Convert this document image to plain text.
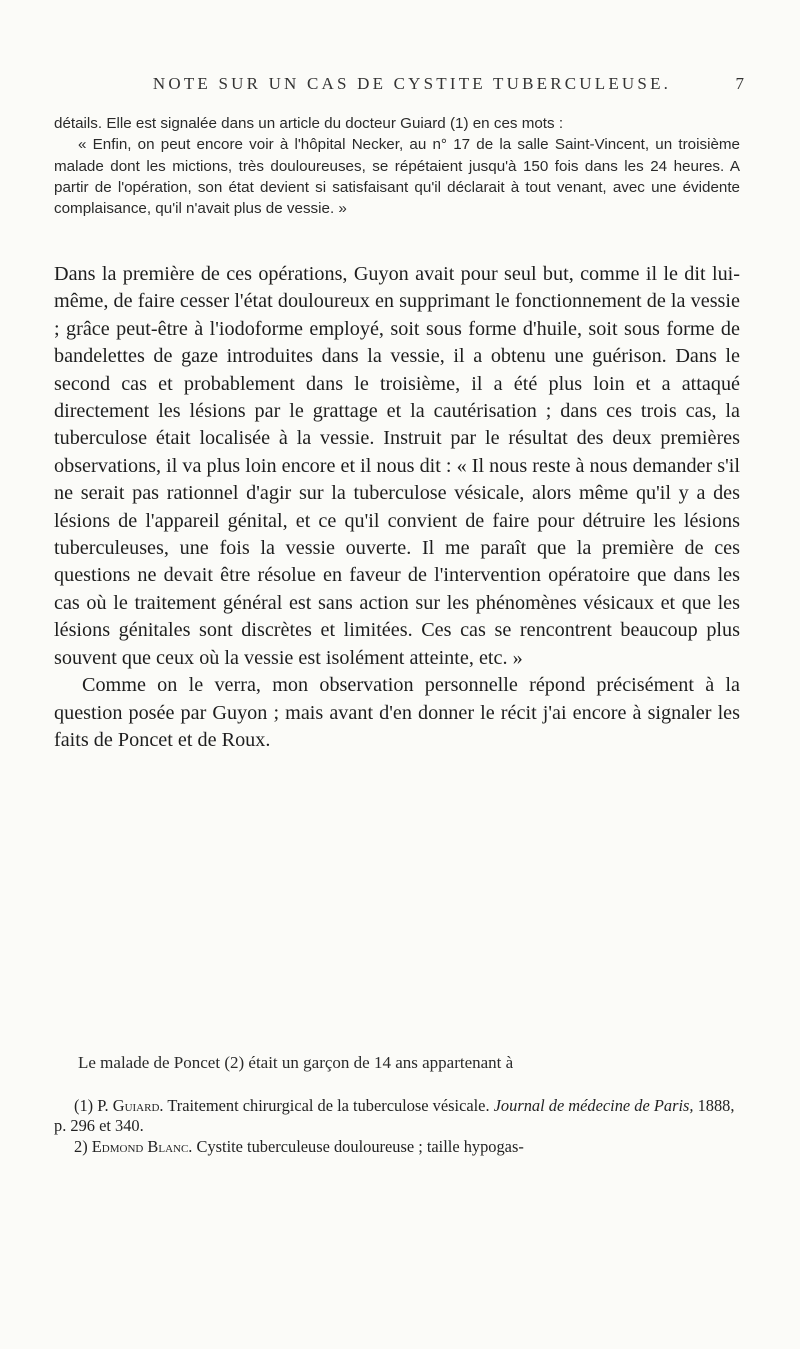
NOTE SUR UN CAS DE CYSTITE TUBERCULEUSE.	7

détails. Elle est signalée dans un article du docteur Guiard (1) en ces mots :

« Enfin, on peut encore voir à l'hôpital Necker, au n° 17 de la salle Saint-Vincent, un troisième malade dont les mictions, très douloureuses, se répétaient jusqu'à 150 fois dans les 24 heures. A partir de l'opération, son état devient si satisfaisant qu'il déclarait à tout venant, avec une évidente complaisance, qu'il n'avait plus de vessie. »

Dans la première de ces opérations, Guyon avait pour seul but, comme il le dit lui-même, de faire cesser l'état douloureux en supprimant le fonctionnement de la vessie ; grâce peut-être à l'iodoforme employé, soit sous forme d'huile, soit sous forme de bandelettes de gaze introduites dans la vessie, il a obtenu une guérison. Dans le second cas et probablement dans le troisième, il a été plus loin et a attaqué directement les lésions par le grattage et la cautérisation ; dans ces trois cas, la tuberculose était localisée à la vessie. Instruit par le résultat des deux premières observations, il va plus loin encore et il nous dit : « Il nous reste à nous demander s'il ne serait pas rationnel d'agir sur la tuberculose vésicale, alors même qu'il y a des lésions de l'appareil génital, et ce qu'il convient de faire pour détruire les lésions tuberculeuses, une fois la vessie ouverte. Il me paraît que la première de ces questions ne devait être résolue en faveur de l'intervention opératoire que dans les cas où le traitement général est sans action sur les phénomènes vésicaux et que les lésions génitales sont discrètes et limitées. Ces cas se rencontrent beaucoup plus souvent que ceux où la vessie est isolément atteinte, etc. »

Comme on le verra, mon observation personnelle répond précisément à la question posée par Guyon ; mais avant d'en donner le récit j'ai encore à signaler les faits de Poncet et de Roux.

Le malade de Poncet (2) était un garçon de 14 ans appartenant à

(1) P. Guiard. Traitement chirurgical de la tuberculose vésicale. Journal de médecine de Paris, 1888, p. 296 et 340.

2) Edmond Blanc. Cystite tuberculeuse douloureuse ; taille hypogas-
